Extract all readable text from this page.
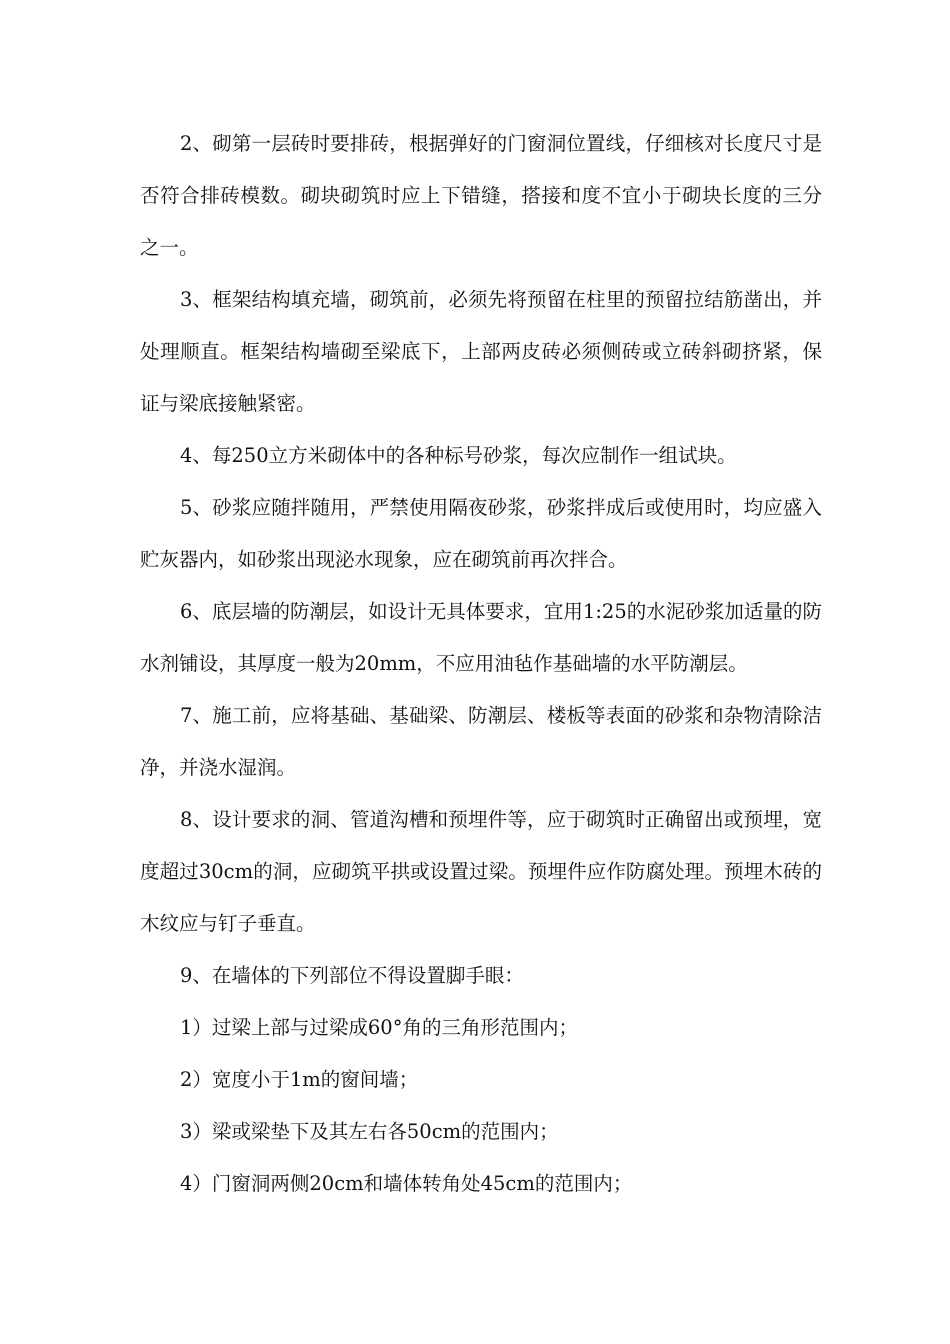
2、砌第一层砖时要排砖，根据弹好的门窗洞位置线，仔细核对长度尺寸是否符合排砖模数。砌块砌筑时应上下错缝，搭接和度不宜小于砌块长度的三分之一。

3、框架结构填充墙，砌筑前，必须先将预留在柱里的预留拉结筋凿出，并处理顺直。框架结构墙砌至梁底下，上部两皮砖必须侧砖或立砖斜砌挤紧，保证与梁底接触紧密。

4、每250立方米砌体中的各种标号砂浆，每次应制作一组试块。

5、砂浆应随拌随用，严禁使用隔夜砂浆，砂浆拌成后或使用时，均应盛入贮灰器内，如砂浆出现泌水现象，应在砌筑前再次拌合。

6、底层墙的防潮层，如设计无具体要求，宜用1:25的水泥砂浆加适量的防水剂铺设，其厚度一般为20mm，不应用油毡作基础墙的水平防潮层。

7、施工前，应将基础、基础梁、防潮层、楼板等表面的砂浆和杂物清除洁净，并浇水湿润。

8、设计要求的洞、管道沟槽和预埋件等，应于砌筑时正确留出或预埋，宽度超过30cm的洞，应砌筑平拱或设置过梁。预埋件应作防腐处理。预埋木砖的木纹应与钉子垂直。

9、在墙体的下列部位不得设置脚手眼：

1）过梁上部与过梁成60°角的三角形范围内；

2）宽度小于1m的窗间墙；

3）梁或梁垫下及其左右各50cm的范围内；

4）门窗洞两侧20cm和墙体转角处45cm的范围内；
